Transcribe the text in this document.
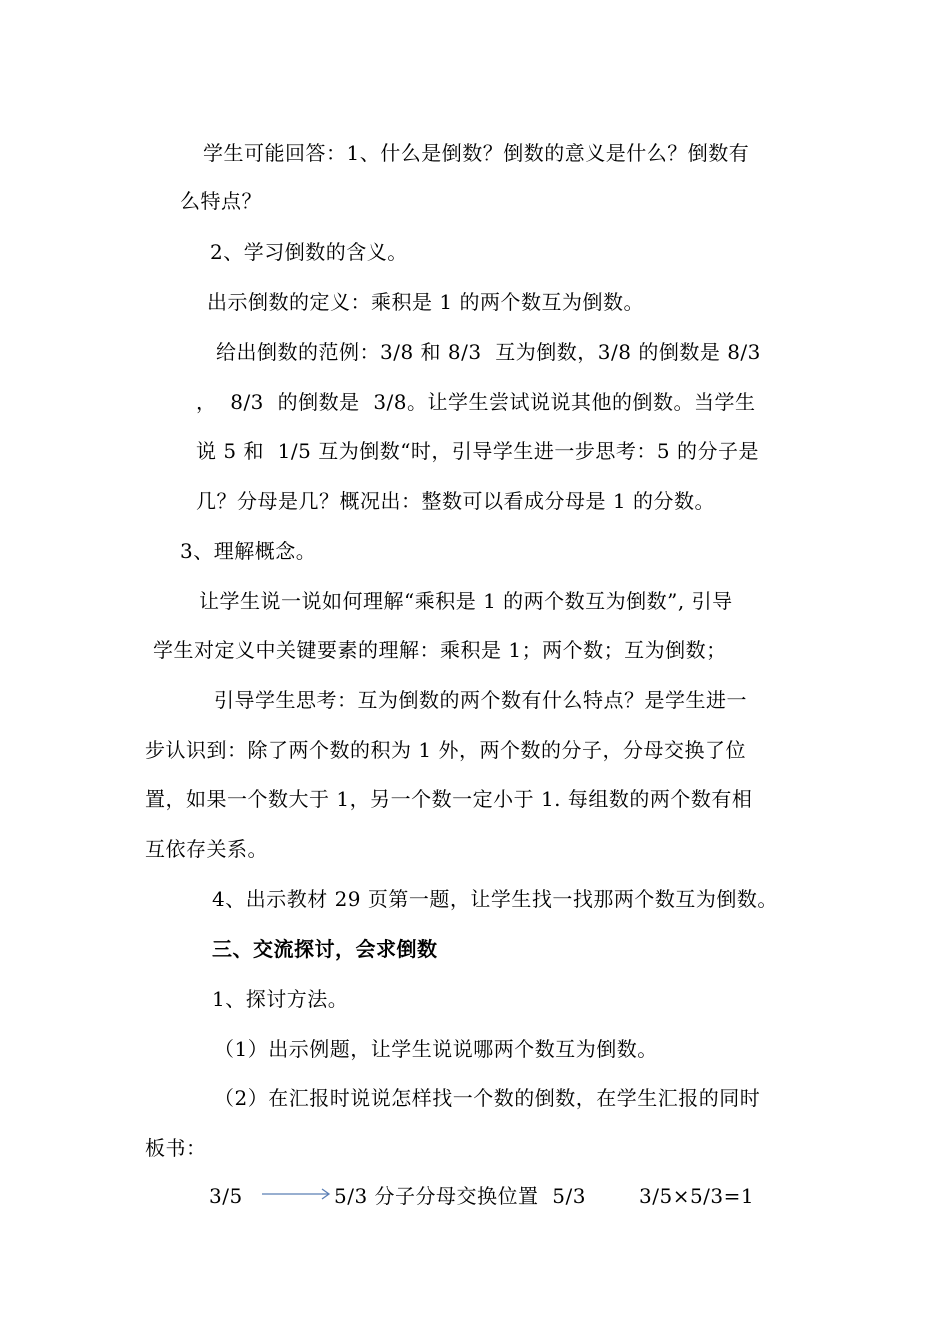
学生可能回答：1、什么是倒数？倒数的意义是什么？倒数有
么特点？
2、学习倒数的含义。
出示倒数的定义：乘积是 1 的两个数互为倒数。
给出倒数的范例：3/8 和 8/3  互为倒数，3/8 的倒数是 8/3
，  8/3  的倒数是  3/8。让学生尝试说说其他的倒数。当学生
说 5 和  1/5 互为倒数“时，引导学生进一步思考：5 的分子是
几？分母是几？概况出：整数可以看成分母是 1 的分数。
3、理解概念。
让学生说一说如何理解“乘积是 1 的两个数互为倒数”, 引导
学生对定义中关键要素的理解：乘积是 1；两个数；互为倒数；
引导学生思考：互为倒数的两个数有什么特点？是学生进一
步认识到：除了两个数的积为 1 外，两个数的分子，分母交换了位
置，如果一个数大于 1，另一个数一定小于 1. 每组数的两个数有相
互依存关系。
4、出示教材 29 页第一题，让学生找一找那两个数互为倒数。
三、交流探讨，会求倒数
1、探讨方法。
（1）出示例题，让学生说说哪两个数互为倒数。
（2）在汇报时说说怎样找一个数的倒数，在学生汇报的同时
板书：
3/5	5/3 分子分母交换位置  5/3	3/5×5/3=1
